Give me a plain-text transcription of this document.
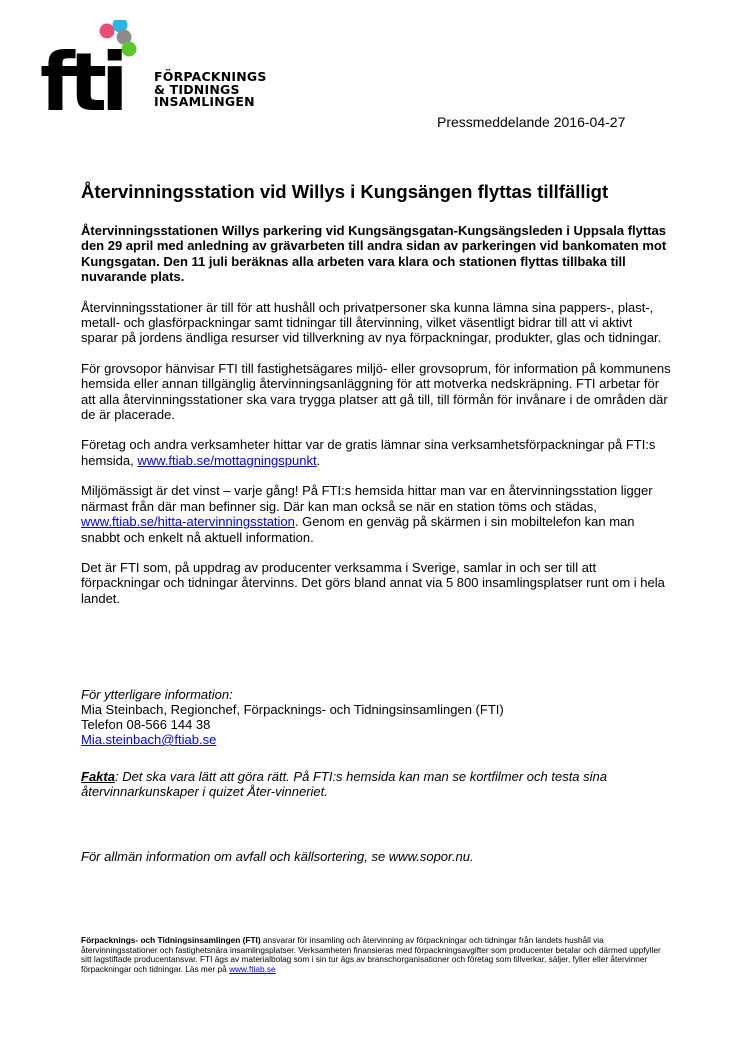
fti	FÖRPACKNINGS
& TIDNINGS
INSAMLINGEN
Pressmeddelande 2016-04-27
Återvinningsstation vid Willys i Kungsängen flyttas tillfälligt

Återvinningsstationen Willys parkering vid Kungsängsgatan-Kungsängsleden i Uppsala flyttas den 29 april med anledning av grävarbeten till andra sidan av parkeringen vid bankomaten mot Kungsgatan. Den 11 juli beräknas alla arbeten vara klara och stationen flyttas tillbaka till nuvarande plats.

Återvinningsstationer är till för att hushåll och privatpersoner ska kunna lämna sina pappers-, plast-, metall- och glasförpackningar samt tidningar till återvinning, vilket väsentligt bidrar till att vi aktivt sparar på jordens ändliga resurser vid tillverkning av nya förpackningar, produkter, glas och tidningar.

För grovsopor hänvisar FTI till fastighetsägares miljö- eller grovsoprum, för information på kommunens hemsida eller annan tillgänglig återvinningsanläggning för att motverka nedskräpning. FTI arbetar för att alla återvinningsstationer ska vara trygga platser att gå till, till förmån för invånare i de områden där de är placerade.

Företag och andra verksamheter hittar var de gratis lämnar sina verksamhetsförpackningar på FTI:s hemsida, www.ftiab.se/mottagningspunkt.

Miljömässigt är det vinst – varje gång! På FTI:s hemsida hittar man var en återvinningsstation ligger närmast från där man befinner sig. Där kan man också se när en station töms och städas, www.ftiab.se/hitta-atervinningsstation. Genom en genväg på skärmen i sin mobiltelefon kan man snabbt och enkelt nå aktuell information.

Det är FTI som, på uppdrag av producenter verksamma i Sverige, samlar in och ser till att förpackningar och tidningar återvinns. Det görs bland annat via 5 800 insamlingsplatser runt om i hela landet.

För ytterligare information:
Mia Steinbach, Regionchef, Förpacknings- och Tidningsinsamlingen (FTI)
Telefon 08-566 144 38
Mia.steinbach@ftiab.se
Fakta: Det ska vara lätt att göra rätt. På FTI:s hemsida kan man se kortfilmer och testa sina återvinnarkunskaper i quizet Åter-vinneriet.
För allmän information om avfall och källsortering, se www.sopor.nu.
Förpacknings- och Tidningsinsamlingen (FTI) ansvarar för insamling och återvinning av förpackningar och tidningar från landets hushåll via återvinningsstationer och fastighetsnära insamlingsplatser. Verksamheten finansieras med förpackningsavgifter som producenter betalar och därmed uppfyller sitt lagstiftade producentansvar. FTI ägs av materialbolag som i sin tur ägs av branschorganisationer och företag som tillverkar, säljer, fyller eller återvinner förpackningar och tidningar. Läs mer på www.ftiab.se
